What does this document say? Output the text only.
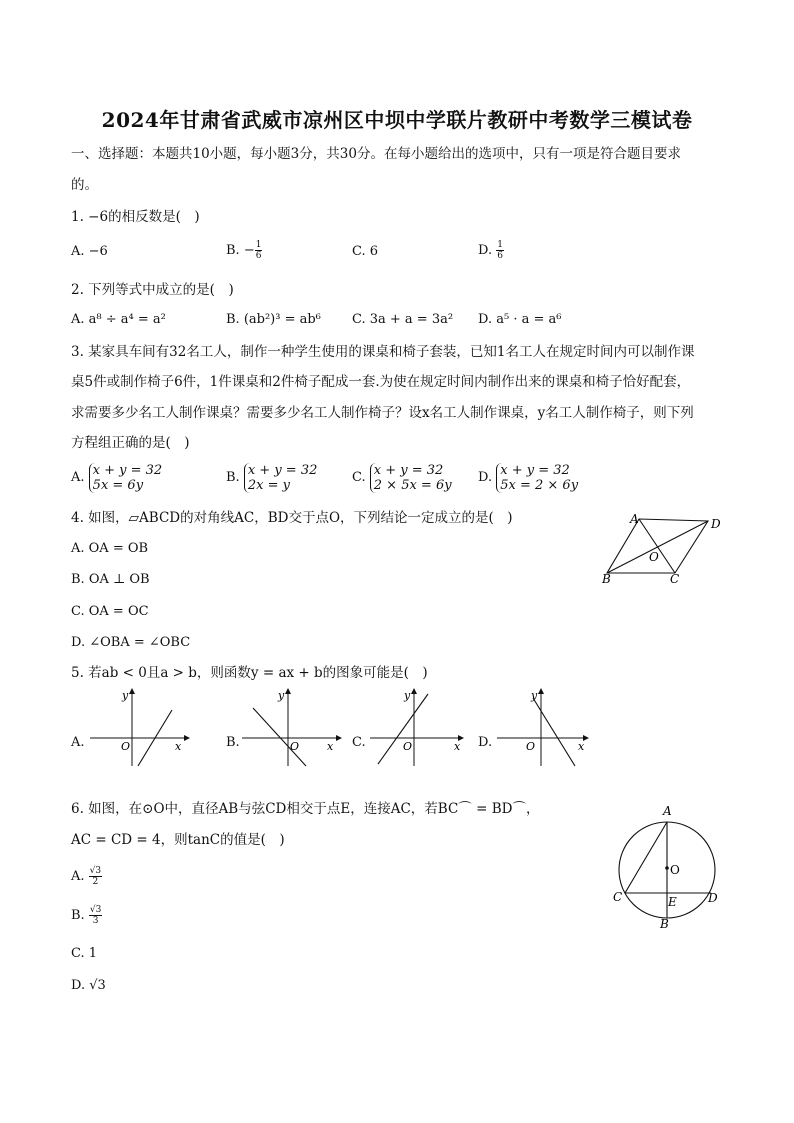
2024年甘肃省武威市凉州区中坝中学联片教研中考数学三模试卷
一、选择题：本题共10小题，每小题3分，共30分。在每小题给出的选项中，只有一项是符合题目要求
的。
1. −6的相反数是(　)
A. −6	B. − $\frac{1}{6}$	C. 6	D. $\frac{1}{6}$
2. 下列等式中成立的是(　)
A. a⁸ ÷ a⁴ = a²	B. (ab²)³ = ab⁶ C. 3a + a = 3a² D. a⁵ · a = a⁶
3. 某家具车间有32名工人，制作一种学生使用的课桌和椅子套装，已知1名工人在规定时间内可以制作课
桌5件或制作椅子6件，1件课桌和2件椅子配成一套.为使在规定时间内制作出来的课桌和椅子恰好配套，
求需要多少名工人制作课桌？需要多少名工人制作椅子？设x名工人制作课桌，y名工人制作椅子，则下列
方程组正确的是(　)
A. x + y = 32
5x = 6y
B. x + y = 32
2x = y
C. x + y = 32
2 × 5x = 6y
D. x + y = 32
5x = 2 × 6y
4. 如图，▱ABCD的对角线AC，BD交于点O，下列结论一定成立的是(　)
A. OA = OB
B. OA ⊥ OB
C. OA = OC
D. ∠OBA = ∠OBC
A	D
O
B	C
5. 若ab < 0且a > b，则函数y = ax + b的图象可能是(　)
A.
y
x
O	B.
y
x
O	C.
y
x
O	D.
y
x
O
6. 如图，在⊙O中，直径AB与弦CD相交于点E，连接AC，若BC⌒ = BD⌒，
AC = CD = 4，则tanC的值是(　)
A. $\frac{√3}{2}$
B. $\frac{√3}{3}$
C. 1
D. √3
A
O
C	D
E
B
